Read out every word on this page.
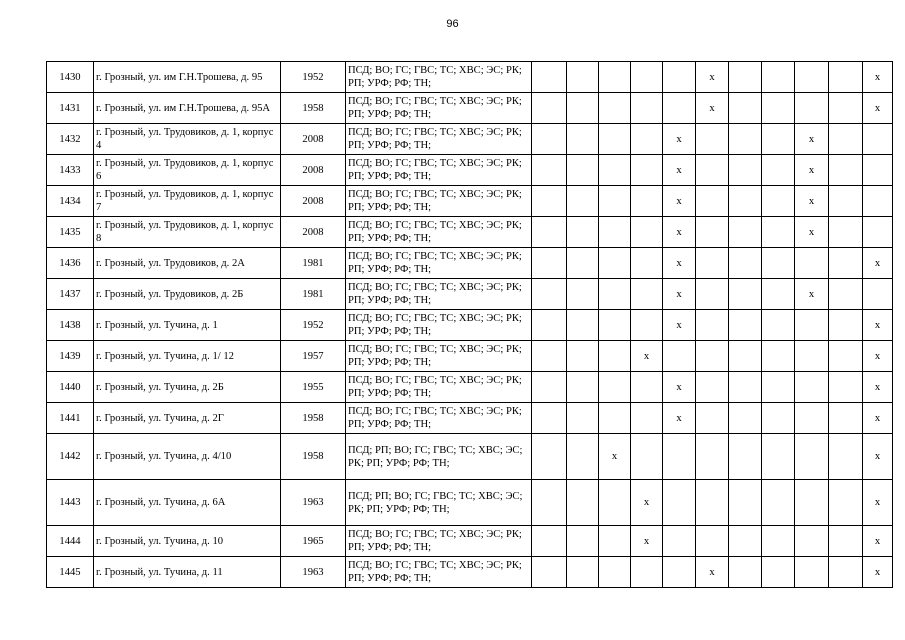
96
1430	г. Грозный, ул. им Г.Н.Трошева, д. 95	1952	ПСД; ВО; ГС; ГВС; ТС; ХВС; ЭС; РК; РП; УРФ; РФ; ТН;						x					x
1431	г. Грозный, ул. им Г.Н.Трошева, д. 95А	1958	ПСД; ВО; ГС; ГВС; ТС; ХВС; ЭС; РК; РП; УРФ; РФ; ТН;						x					x
1432	г. Грозный, ул. Трудовиков, д. 1, корпус 4	2008	ПСД; ВО; ГС; ГВС; ТС; ХВС; ЭС; РК; РП; УРФ; РФ; ТН;					x				x		
1433	г. Грозный, ул. Трудовиков, д. 1, корпус 6	2008	ПСД; ВО; ГС; ГВС; ТС; ХВС; ЭС; РК; РП; УРФ; РФ; ТН;					x				x		
1434	г. Грозный, ул. Трудовиков, д. 1, корпус 7	2008	ПСД; ВО; ГС; ГВС; ТС; ХВС; ЭС; РК; РП; УРФ; РФ; ТН;					x				x		
1435	г. Грозный, ул. Трудовиков, д. 1, корпус 8	2008	ПСД; ВО; ГС; ГВС; ТС; ХВС; ЭС; РК; РП; УРФ; РФ; ТН;					x				x		
1436	г. Грозный, ул. Трудовиков, д. 2А	1981	ПСД; ВО; ГС; ГВС; ТС; ХВС; ЭС; РК; РП; УРФ; РФ; ТН;					x						x
1437	г. Грозный, ул. Трудовиков, д. 2Б	1981	ПСД; ВО; ГС; ГВС; ТС; ХВС; ЭС; РК; РП; УРФ; РФ; ТН;					x				x		
1438	г. Грозный, ул. Тучина, д. 1	1952	ПСД; ВО; ГС; ГВС; ТС; ХВС; ЭС; РК; РП; УРФ; РФ; ТН;					x						x
1439	г. Грозный, ул. Тучина, д. 1/ 12	1957	ПСД; ВО; ГС; ГВС; ТС; ХВС; ЭС; РК; РП; УРФ; РФ; ТН;				x							x
1440	г. Грозный, ул. Тучина, д. 2Б	1955	ПСД; ВО; ГС; ГВС; ТС; ХВС; ЭС; РК; РП; УРФ; РФ; ТН;					x						x
1441	г. Грозный, ул. Тучина, д. 2Г	1958	ПСД; ВО; ГС; ГВС; ТС; ХВС; ЭС; РК; РП; УРФ; РФ; ТН;					x						x
1442	г. Грозный, ул. Тучина, д. 4/10	1958	ПСД; РП; ВО; ГС; ГВС; ТС; ХВС; ЭС; РК; РП; УРФ; РФ; ТН;			x								x
1443	г. Грозный, ул. Тучина, д. 6А	1963	ПСД; РП; ВО; ГС; ГВС; ТС; ХВС; ЭС; РК; РП; УРФ; РФ; ТН;				x							x
1444	г. Грозный, ул. Тучина, д. 10	1965	ПСД; ВО; ГС; ГВС; ТС; ХВС; ЭС; РК; РП; УРФ; РФ; ТН;				x							x
1445	г. Грозный, ул. Тучина, д. 11	1963	ПСД; ВО; ГС; ГВС; ТС; ХВС; ЭС; РК; РП; УРФ; РФ; ТН;						x					x
